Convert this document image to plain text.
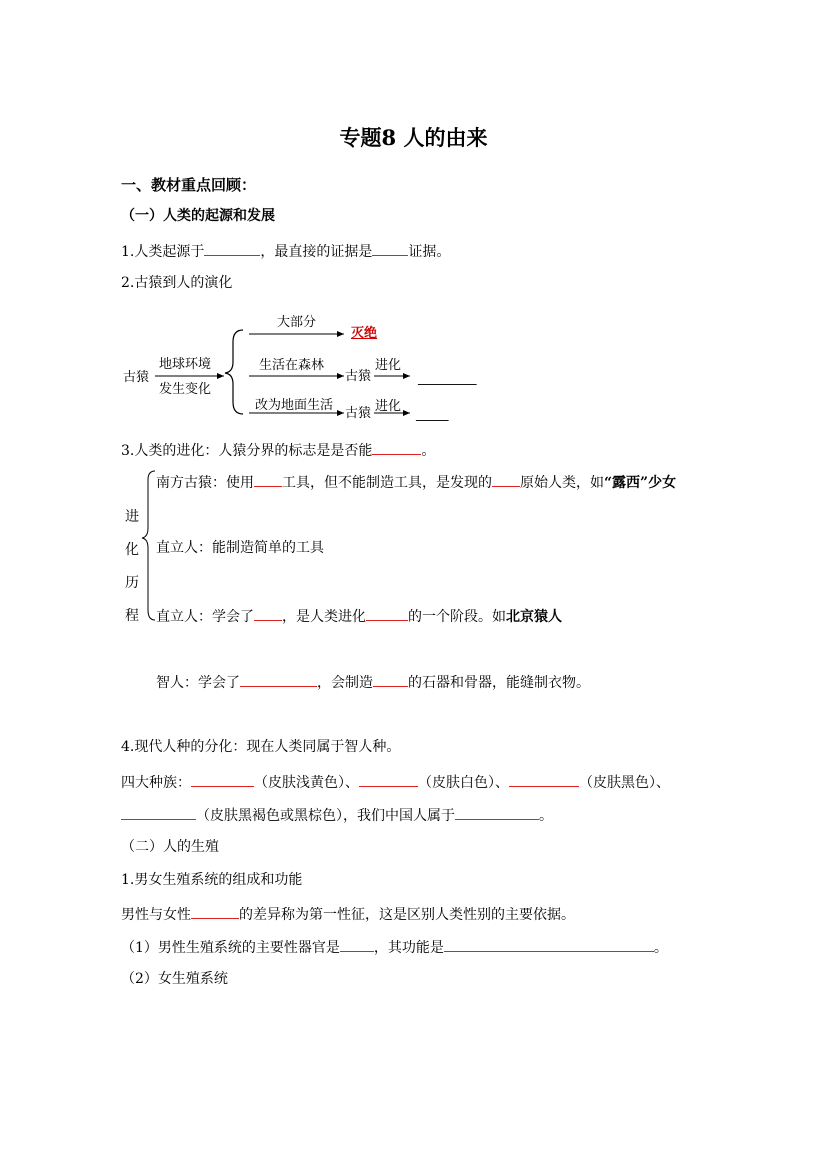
专题8 人的由来
一、教材重点回顾：
（一）人类的起源和发展
1.人类起源于	，最直接的证据是	证据。
2.古猿到人的演化
古猿
地球环境
发生变化
大部分
灭绝
生活在森林
古猿
进化
_________
改为地面生活
古猿 进化
_____
3.人类的进化：人猿分界的标志是是否能	。
进
化
历
程
南方古猿：使用 工具，但不能制造工具，是发现的 原始人类，如“露西”少女
直立人：能制造简单的工具
直立人：学会了 ，是人类进化	的一个阶段。如北京猿人
智人：学会了	，会制造	的石器和骨器，能缝制衣物。
4.现代人种的分化：现在人类同属于智人种。
四大种族：	（皮肤浅黄色）、	（皮肤白色）、	（皮肤黑色）、
（皮肤黑褐色或黑棕色），我们中国人属于	。
（二）人的生殖
1.男女生殖系统的组成和功能
男性与女性	的差异称为第一性征，这是区别人类性别的主要依据。
（1）男性生殖系统的主要性器官是 ，其功能是	。
（2）女生殖系统
